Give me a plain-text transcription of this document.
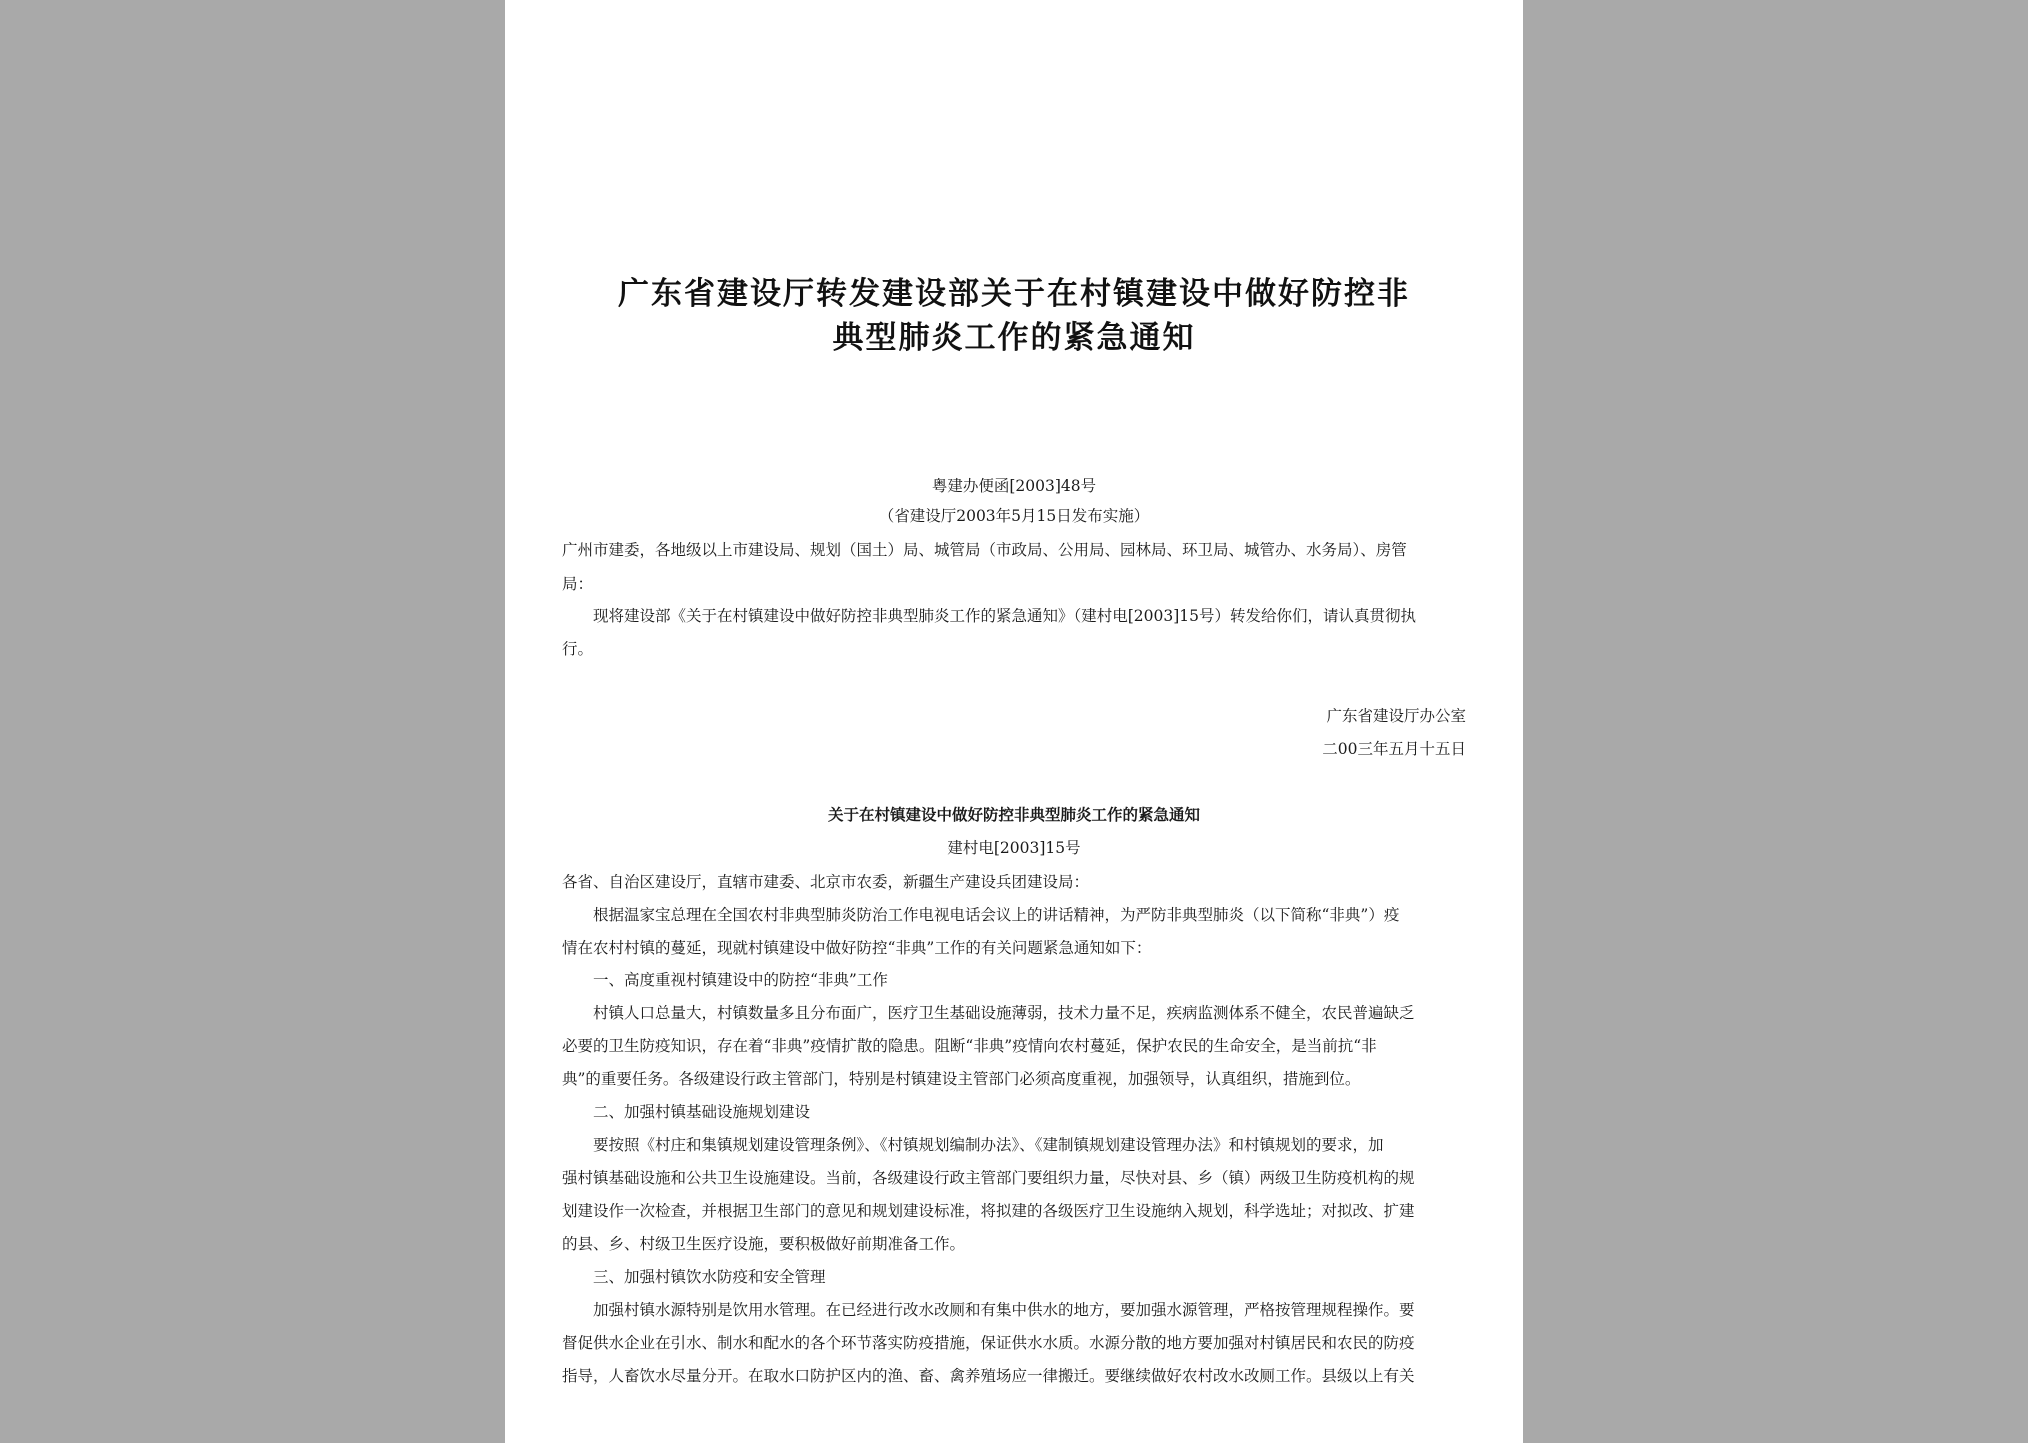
广东省建设厅转发建设部关于在村镇建设中做好防控非
典型肺炎工作的紧急通知
粤建办便函[2003]48号
（省建设厅2003年5月15日发布实施）
广州市建委，各地级以上市建设局、规划（国土）局、城管局（市政局、公用局、园林局、环卫局、城管办、水务局）、房管
局：
现将建设部《关于在村镇建设中做好防控非典型肺炎工作的紧急通知》（建村电[2003]15号）转发给你们，请认真贯彻执
行。
广东省建设厅办公室
二00三年五月十五日
关于在村镇建设中做好防控非典型肺炎工作的紧急通知
建村电[2003]15号
各省、自治区建设厅，直辖市建委、北京市农委，新疆生产建设兵团建设局：
根据温家宝总理在全国农村非典型肺炎防治工作电视电话会议上的讲话精神，为严防非典型肺炎（以下简称“非典”）疫
情在农村村镇的蔓延，现就村镇建设中做好防控“非典”工作的有关问题紧急通知如下：
一、高度重视村镇建设中的防控“非典”工作
村镇人口总量大，村镇数量多且分布面广，医疗卫生基础设施薄弱，技术力量不足，疾病监测体系不健全，农民普遍缺乏
必要的卫生防疫知识，存在着“非典”疫情扩散的隐患。阻断“非典”疫情向农村蔓延，保护农民的生命安全，是当前抗“非
典”的重要任务。各级建设行政主管部门，特别是村镇建设主管部门必须高度重视，加强领导，认真组织，措施到位。
二、加强村镇基础设施规划建设
要按照《村庄和集镇规划建设管理条例》、《村镇规划编制办法》、《建制镇规划建设管理办法》和村镇规划的要求，加
强村镇基础设施和公共卫生设施建设。当前，各级建设行政主管部门要组织力量，尽快对县、乡（镇）两级卫生防疫机构的规
划建设作一次检查，并根据卫生部门的意见和规划建设标准，将拟建的各级医疗卫生设施纳入规划，科学选址；对拟改、扩建
的县、乡、村级卫生医疗设施，要积极做好前期准备工作。
三、加强村镇饮水防疫和安全管理
加强村镇水源特别是饮用水管理。在已经进行改水改厕和有集中供水的地方，要加强水源管理，严格按管理规程操作。要
督促供水企业在引水、制水和配水的各个环节落实防疫措施，保证供水水质。水源分散的地方要加强对村镇居民和农民的防疫
指导，人畜饮水尽量分开。在取水口防护区内的渔、畜、禽养殖场应一律搬迁。要继续做好农村改水改厕工作。县级以上有关
